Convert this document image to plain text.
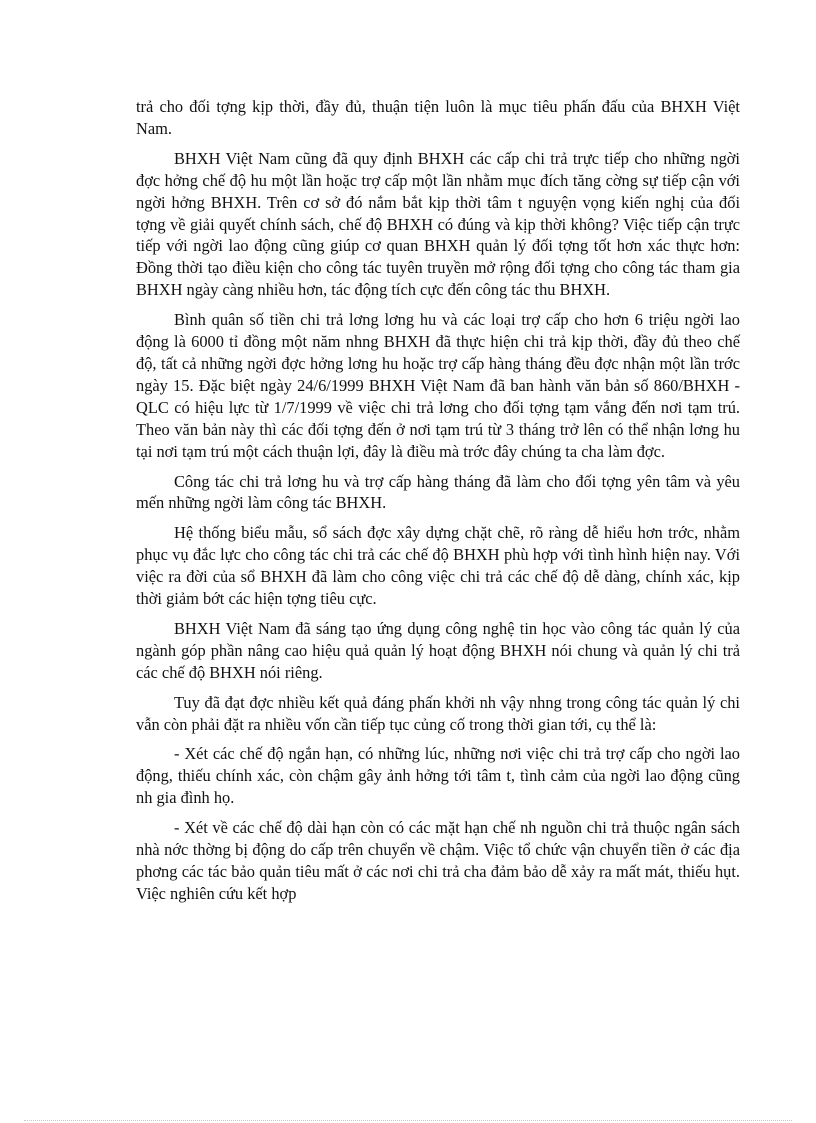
trả cho đối tợng kịp thời, đầy đủ, thuận tiện luôn là mục tiêu phấn đấu của BHXH Việt Nam.

BHXH Việt Nam cũng đã quy định BHXH các cấp chi trả trực tiếp cho những ngời đợc hởng chế độ hu một lần hoặc trợ cấp một lần nhằm mục đích tăng cờng sự tiếp cận với ngời hởng BHXH. Trên cơ sở đó nắm bắt kịp thời tâm t nguyện vọng kiến nghị của đối tợng về giải quyết chính sách, chế độ BHXH có đúng và kịp thời không? Việc tiếp cận trực tiếp với ngời lao động cũng giúp cơ quan BHXH quản lý đối tợng tốt hơn xác thực hơn: Đồng thời tạo điều kiện cho công tác tuyên truyền mở rộng đối tợng cho công tác tham gia BHXH ngày càng nhiều hơn, tác động tích cực đến công tác thu BHXH.

Bình quân số tiền chi trả lơng lơng hu và các loại trợ cấp cho hơn 6 triệu ngời lao động là 6000 tỉ đồng một năm nhng BHXH đã thực hiện chi trả kịp thời, đầy đủ theo chế độ, tất cả những ngời đợc hởng lơng hu hoặc trợ cấp hàng tháng đều đợc nhận một lần trớc ngày 15. Đặc biệt ngày 24/6/1999 BHXH Việt Nam đã ban hành văn bản số 860/BHXH - QLC có hiệu lực từ 1/7/1999 về việc chi trả lơng cho đối tợng tạm vắng đến nơi tạm trú. Theo văn bản này thì các đối tợng đến ở nơi tạm trú từ 3 tháng trở lên có thể nhận lơng hu tại nơi tạm trú một cách thuận lợi, đây là điều mà trớc đây chúng ta cha làm đợc.

Công tác chi trả lơng hu và trợ cấp hàng tháng đã làm cho đối tợng yên tâm và yêu mến những ngời làm công tác BHXH.

Hệ thống biểu mẫu, sổ sách đợc xây dựng chặt chẽ, rõ ràng dễ hiểu hơn trớc, nhằm phục vụ đắc lực cho công tác chi trả các chế độ BHXH phù hợp với tình hình hiện nay. Với việc ra đời của sổ BHXH đã làm cho công việc chi trả các chế độ dễ dàng, chính xác, kịp thời giảm bớt các hiện tợng tiêu cực.

BHXH Việt Nam đã sáng tạo ứng dụng công nghệ tin học vào công tác quản lý của ngành góp phần nâng cao hiệu quả quản lý hoạt động BHXH nói chung và quản lý chi trả các chế độ BHXH nói riêng.

Tuy đã đạt đợc nhiều kết quả đáng phấn khởi nh vậy nhng trong công tác quản lý chi vẫn còn phải đặt ra nhiều vốn cần tiếp tục củng cố trong thời gian tới, cụ thể là:

- Xét các chế độ ngắn hạn, có những lúc, những nơi việc chi trả trợ cấp cho ngời lao động, thiếu chính xác, còn chậm gây ảnh hởng tới tâm t, tình cảm của ngời lao động cũng nh gia đình họ.

- Xét về các chế độ dài hạn còn có các mặt hạn chế nh nguồn chi trả thuộc ngân sách nhà nớc thờng bị động do cấp trên chuyển về chậm. Việc tổ chức vận chuyển tiền ở các địa phơng các tác bảo quản tiêu mất ở các nơi chi trả cha đảm bảo dễ xảy ra mất mát, thiếu hụt. Việc nghiên cứu kết hợp
